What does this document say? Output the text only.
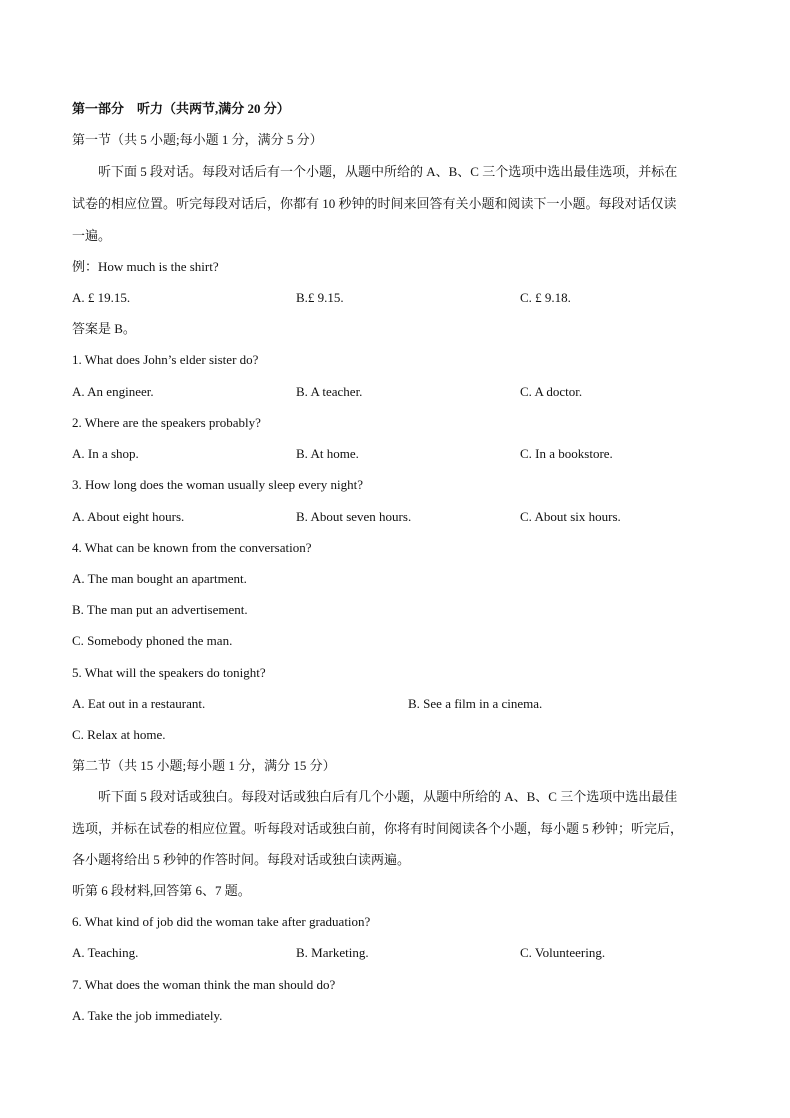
第一部分　听力（共两节,满分 20 分）
第一节（共 5 小题;每小题 1 分，满分 5 分）
　　听下面 5 段对话。每段对话后有一个小题，从题中所给的 A、B、C 三个选项中选出最佳选项，并标在
试卷的相应位置。听完每段对话后，你都有 10 秒钟的时间来回答有关小题和阅读下一小题。每段对话仅读
一遍。
例：How much is the shirt?
A. £ 19.15.	B.£ 9.15.	C. £ 9.18.
答案是 B。
1. What does John’s elder sister do?
A. An engineer.	B. A teacher.	C. A doctor.
2. Where are the speakers probably?
A. In a shop.	B. At home.	C. In a bookstore.
3. How long does the woman usually sleep every night?
A. About eight hours.	B. About seven hours.	C. About six hours.
4. What can be known from the conversation?
A. The man bought an apartment.
B. The man put an advertisement.
C. Somebody phoned the man.
5. What will the speakers do tonight?
A. Eat out in a restaurant.	B. See a film in a cinema.
C. Relax at home.
第二节（共 15 小题;每小题 1 分，满分 15 分）
　　听下面 5 段对话或独白。每段对话或独白后有几个小题，从题中所给的 A、B、C 三个选项中选出最佳
选项，并标在试卷的相应位置。听每段对话或独白前，你将有时间阅读各个小题，每小题 5 秒钟；听完后，
各小题将给出 5 秒钟的作答时间。每段对话或独白读两遍。
听第 6 段材料,回答第 6、7 题。
6. What kind of job did the woman take after graduation?
A. Teaching.	B. Marketing.	C. Volunteering.
7. What does the woman think the man should do?
A. Take the job immediately.
